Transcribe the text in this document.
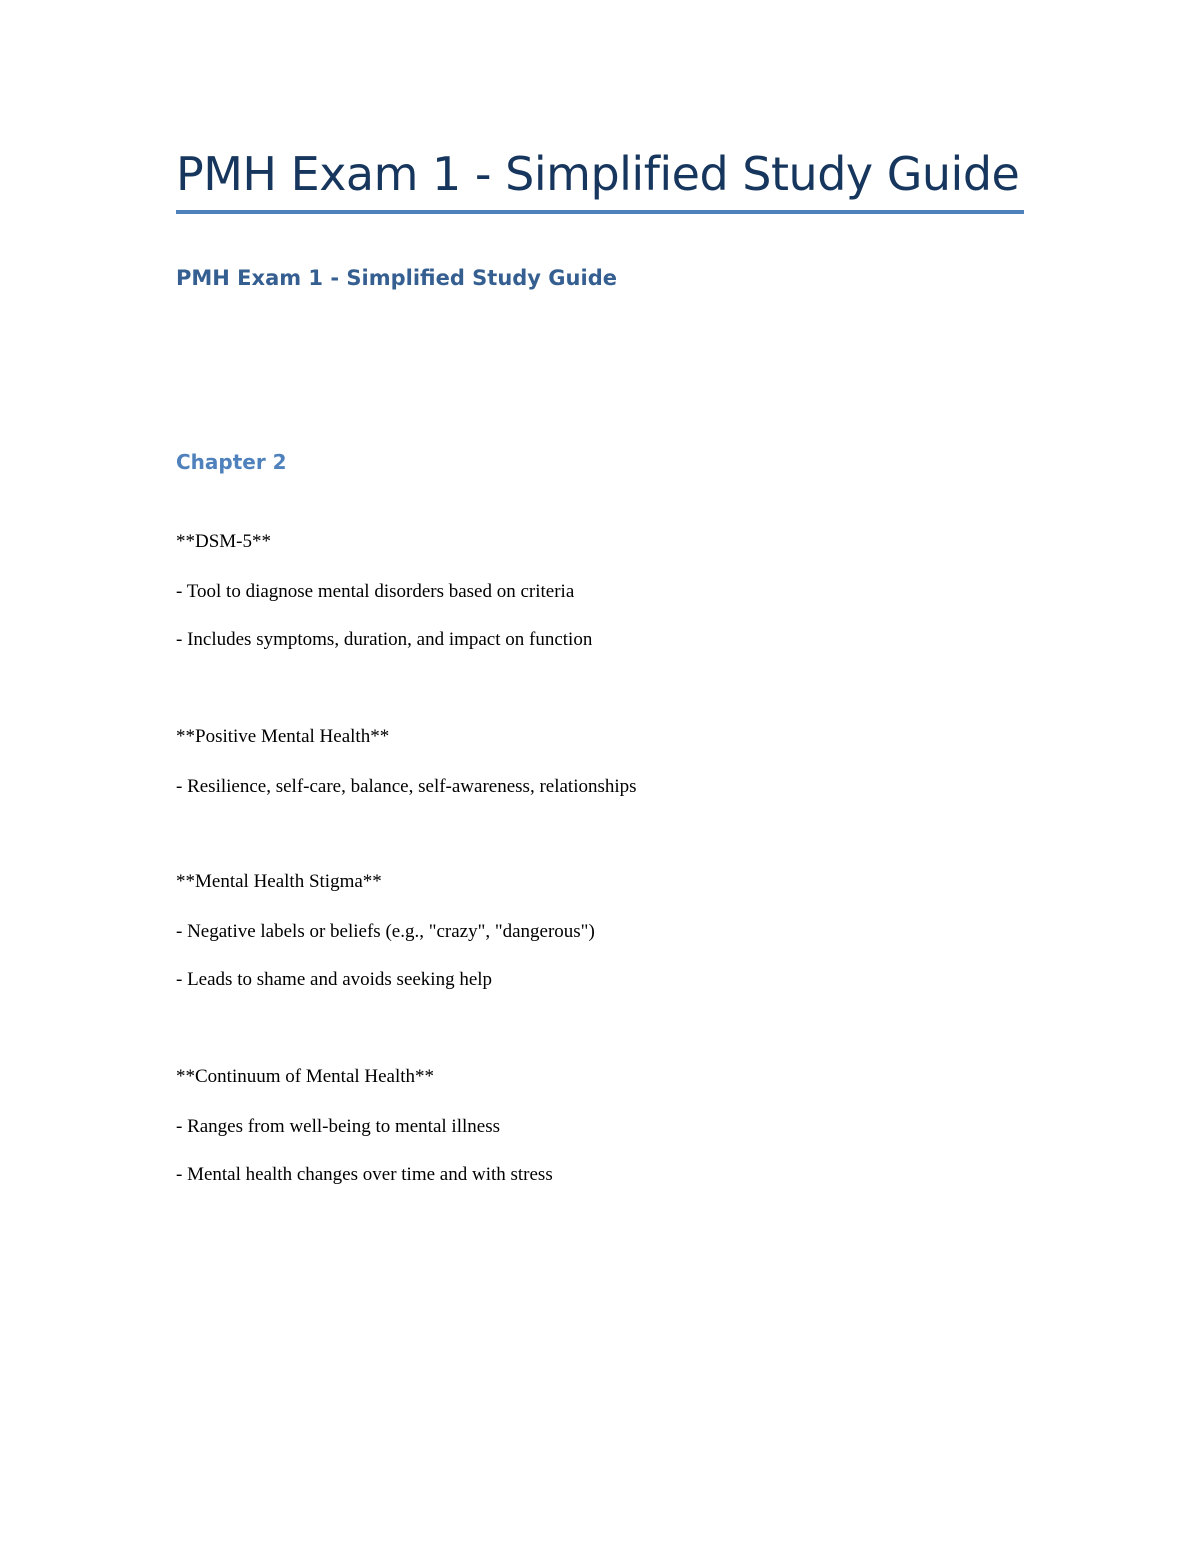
PMH Exam 1 - Simplified Study Guide
PMH Exam 1 - Simplified Study Guide
Chapter 2
**DSM-5**
- Tool to diagnose mental disorders based on criteria
- Includes symptoms, duration, and impact on function
**Positive Mental Health**
- Resilience, self-care, balance, self-awareness, relationships
**Mental Health Stigma**
- Negative labels or beliefs (e.g., "crazy", "dangerous")
- Leads to shame and avoids seeking help
**Continuum of Mental Health**
- Ranges from well-being to mental illness
- Mental health changes over time and with stress
